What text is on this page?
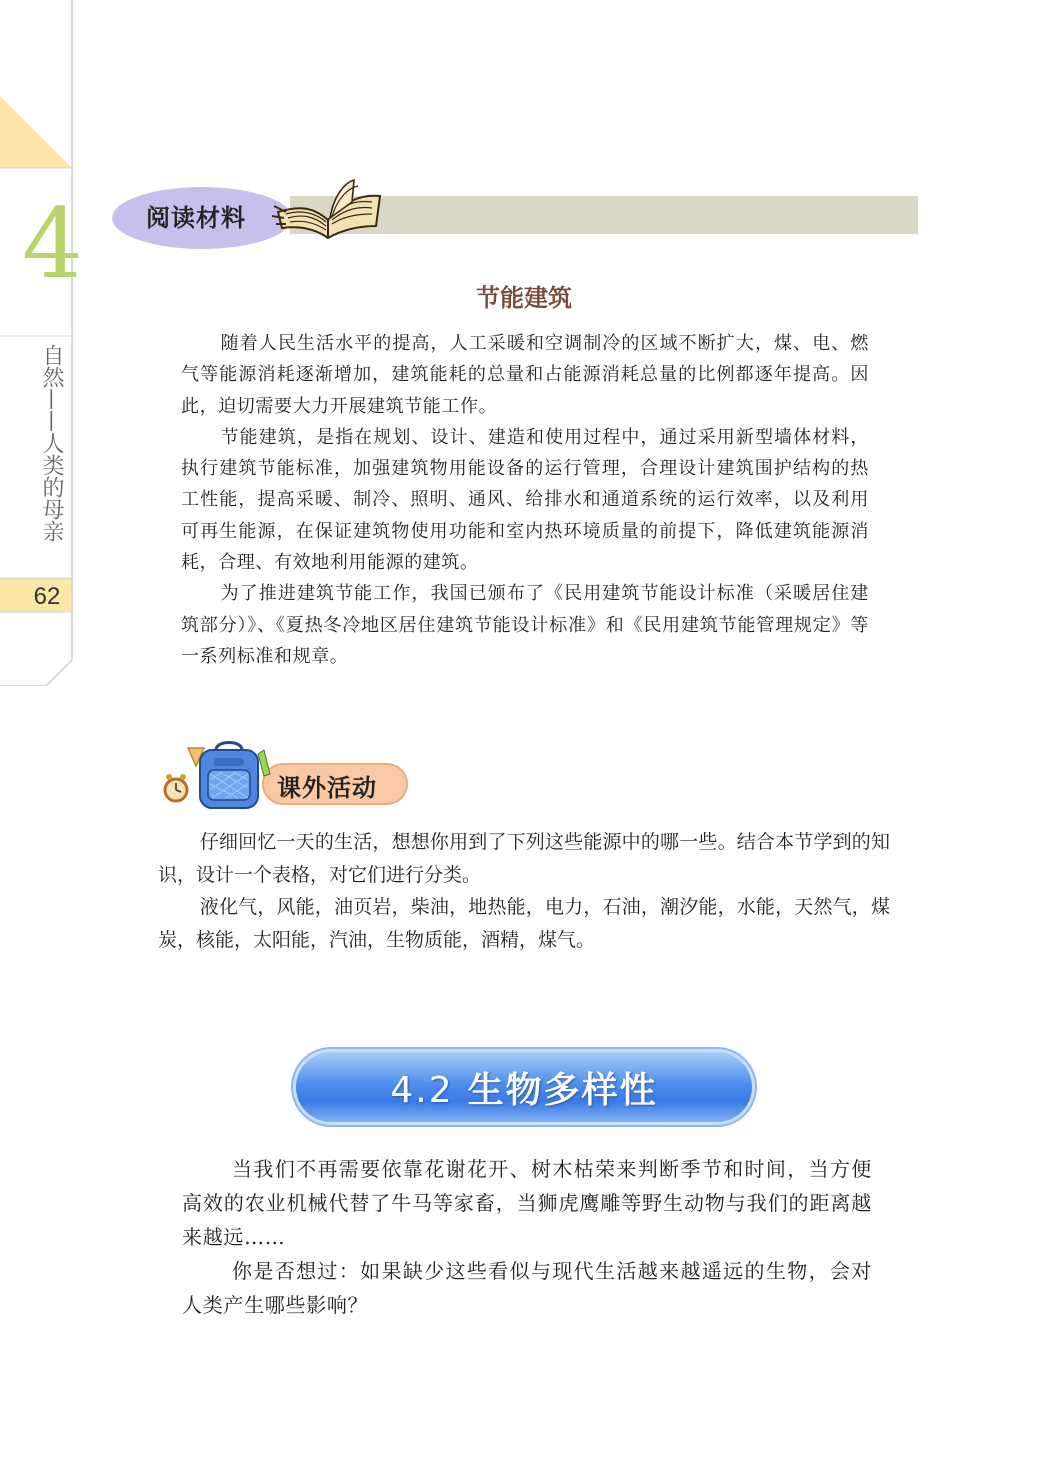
4
自然——人类的母亲
62
阅读材料
节能建筑

随着人民生活水平的提高，人工采暖和空调制冷的区域不断扩大，煤、电、燃气等能源消耗逐渐增加，建筑能耗的总量和占能源消耗总量的比例都逐年提高。因此，迫切需要大力开展建筑节能工作。

节能建筑，是指在规划、设计、建造和使用过程中，通过采用新型墙体材料，执行建筑节能标准，加强建筑物用能设备的运行管理，合理设计建筑围护结构的热工性能，提高采暖、制冷、照明、通风、给排水和通道系统的运行效率，以及利用可再生能源，在保证建筑物使用功能和室内热环境质量的前提下，降低建筑能源消耗，合理、有效地利用能源的建筑。

为了推进建筑节能工作，我国已颁布了《民用建筑节能设计标准（采暖居住建筑部分）》、《夏热冬冷地区居住建筑节能设计标准》和《民用建筑节能管理规定》等一系列标准和规章。

课外活动

仔细回忆一天的生活，想想你用到了下列这些能源中的哪一些。结合本节学到的知识，设计一个表格，对它们进行分类。

液化气，风能，油页岩，柴油，地热能，电力，石油，潮汐能，水能，天然气，煤炭，核能，太阳能，汽油，生物质能，酒精，煤气。

4.2 生物多样性

当我们不再需要依靠花谢花开、树木枯荣来判断季节和时间，当方便高效的农业机械代替了牛马等家畜，当狮虎鹰雕等野生动物与我们的距离越来越远……

你是否想过：如果缺少这些看似与现代生活越来越遥远的生物，会对人类产生哪些影响？
